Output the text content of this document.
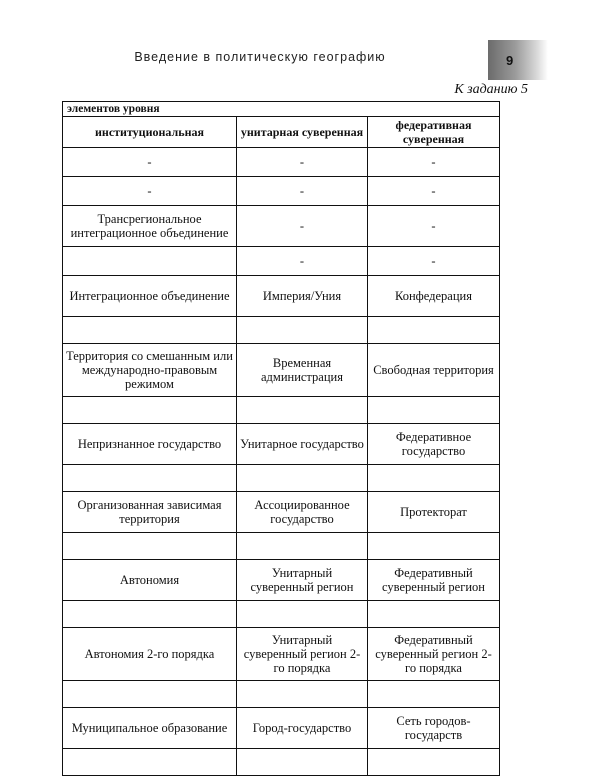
Введение в политическую географию	9
К заданию 5
элементов уровня		
институциональная	унитарная суверенная	федеративная суверенная
-	-	-
-	-	-
Трансрегиональное интеграционное объединение	-	-
	-	-
Интеграционное объединение	Империя/Уния	Конфедерация

Территория со смешанным или международно-правовым режимом	Временная администрация	Свободная территория

Непризнанное государство	Унитарное государство	Федеративное государство

Организованная зависимая территория	Ассоциированное государство	Протекторат

Автономия	Унитарный суверенный регион	Федеративный суверенный регион

Автономия 2-го порядка	Унитарный суверенный регион 2-го порядка	Федеративный суверенный регион 2-го порядка

Муниципальное образование	Город-государство	Сеть городов-государств
